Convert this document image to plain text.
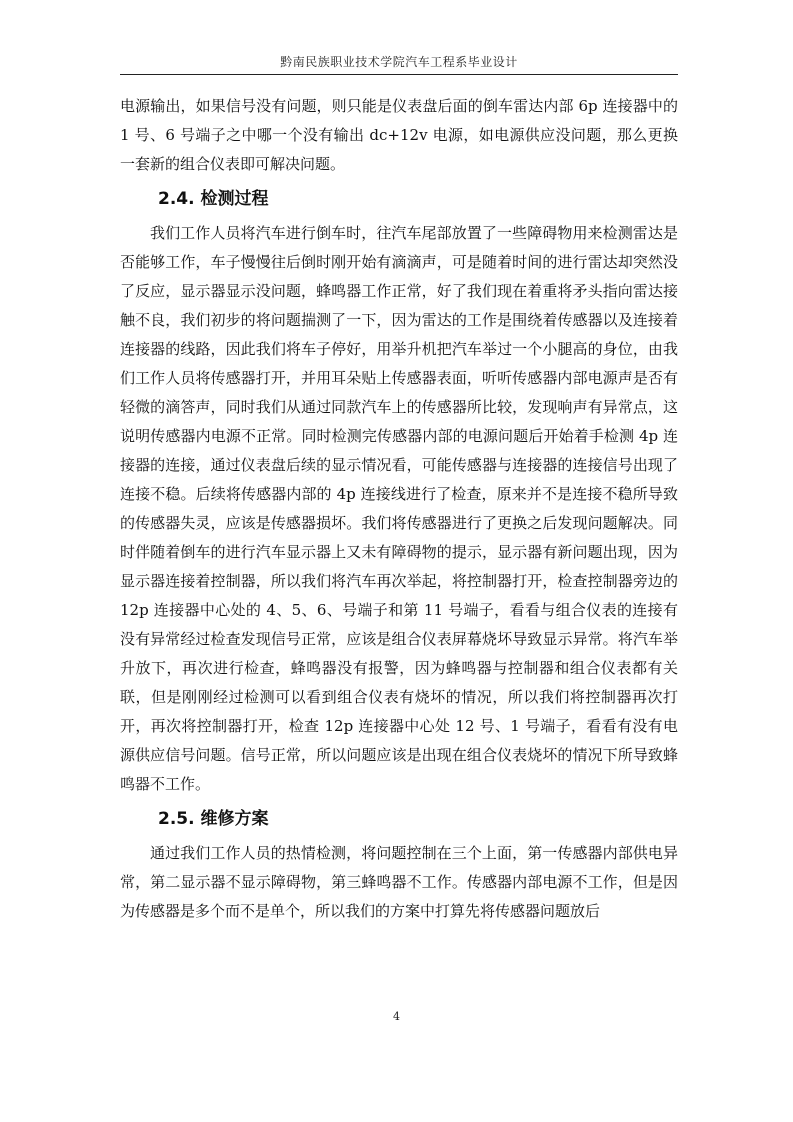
黔南民族职业技术学院汽车工程系毕业设计

电源输出，如果信号没有问题，则只能是仪表盘后面的倒车雷达内部 6p 连接器中的 1 号、6 号端子之中哪一个没有输出 dc+12v 电源，如电源供应没问题，那么更换一套新的组合仪表即可解决问题。

2.4. 检测过程

我们工作人员将汽车进行倒车时，往汽车尾部放置了一些障碍物用来检测雷达是否能够工作，车子慢慢往后倒时刚开始有滴滴声，可是随着时间的进行雷达却突然没了反应，显示器显示没问题，蜂鸣器工作正常，好了我们现在着重将矛头指向雷达接触不良，我们初步的将问题揣测了一下，因为雷达的工作是围绕着传感器以及连接着连接器的线路，因此我们将车子停好，用举升机把汽车举过一个小腿高的身位，由我们工作人员将传感器打开，并用耳朵贴上传感器表面，听听传感器内部电源声是否有轻微的滴答声，同时我们从通过同款汽车上的传感器所比较，发现响声有异常点，这说明传感器内电源不正常。同时检测完传感器内部的电源问题后开始着手检测 4p 连接器的连接，通过仪表盘后续的显示情况看，可能传感器与连接器的连接信号出现了连接不稳。后续将传感器内部的 4p 连接线进行了检查，原来并不是连接不稳所导致的传感器失灵，应该是传感器损坏。我们将传感器进行了更换之后发现问题解决。同时伴随着倒车的进行汽车显示器上又未有障碍物的提示，显示器有新问题出现，因为显示器连接着控制器，所以我们将汽车再次举起，将控制器打开，检查控制器旁边的 12p 连接器中心处的 4、5、6、号端子和第 11 号端子，看看与组合仪表的连接有没有异常经过检查发现信号正常，应该是组合仪表屏幕烧坏导致显示异常。将汽车举升放下，再次进行检查，蜂鸣器没有报警，因为蜂鸣器与控制器和组合仪表都有关联，但是刚刚经过检测可以看到组合仪表有烧坏的情况，所以我们将控制器再次打开，再次将控制器打开，检查 12p 连接器中心处 12 号、1 号端子，看看有没有电源供应信号问题。信号正常，所以问题应该是出现在组合仪表烧坏的情况下所导致蜂鸣器不工作。

2.5. 维修方案

通过我们工作人员的热情检测，将问题控制在三个上面，第一传感器内部供电异常，第二显示器不显示障碍物，第三蜂鸣器不工作。传感器内部电源不工作，但是因为传感器是多个而不是单个，所以我们的方案中打算先将传感器问题放后

4
